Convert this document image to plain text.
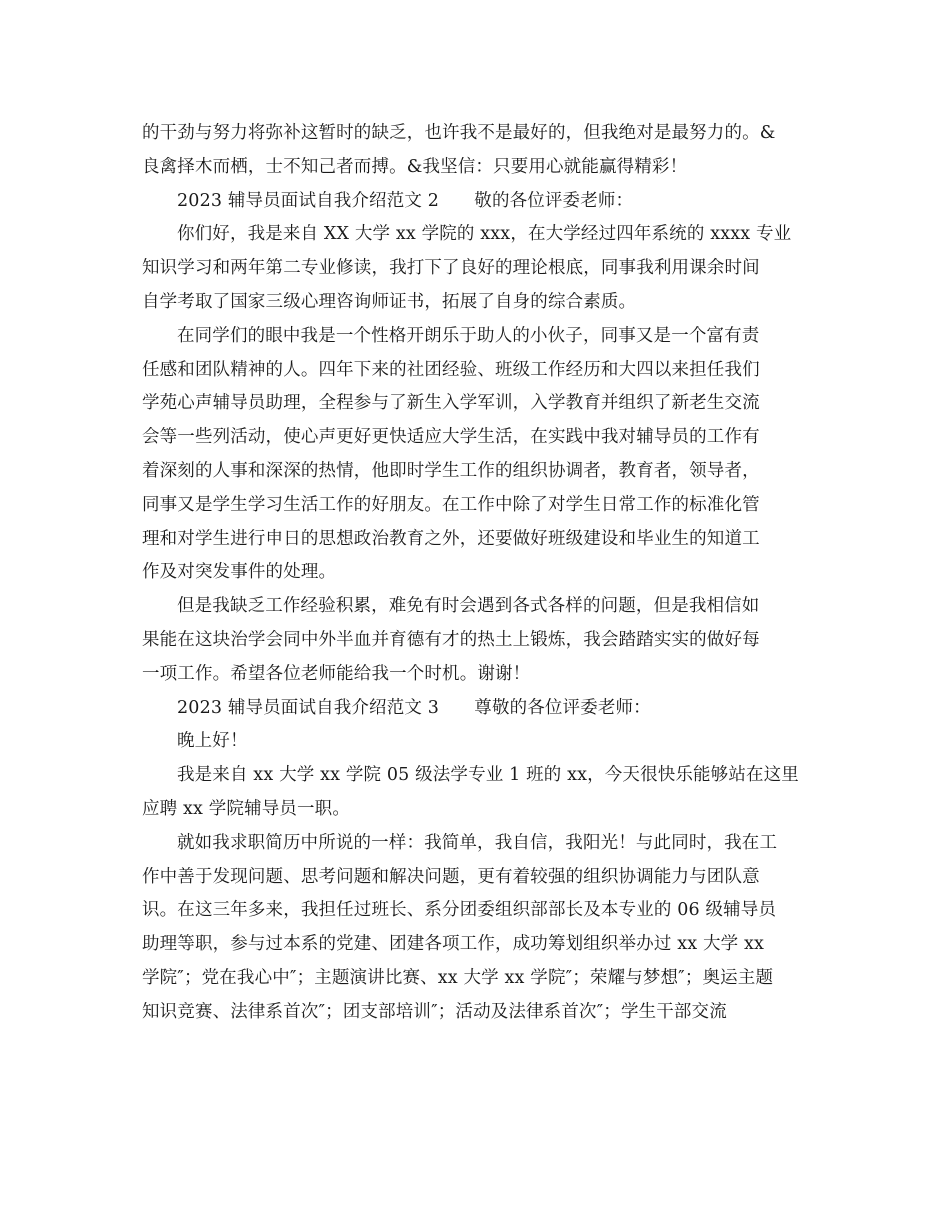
的干劲与努力将弥补这暂时的缺乏，也许我不是最好的，但我绝对是最努力的。&
良禽择木而栖，士不知己者而搏。&我坚信：只要用心就能赢得精彩！
2023 辅导员面试自我介绍范文 2　　敬的各位评委老师：
你们好，我是来自 XX 大学 xx 学院的 xxx，在大学经过四年系统的 xxxx 专业
知识学习和两年第二专业修读，我打下了良好的理论根底，同事我利用课余时间
自学考取了国家三级心理咨询师证书，拓展了自身的综合素质。
在同学们的眼中我是一个性格开朗乐于助人的小伙子，同事又是一个富有责
任感和团队精神的人。四年下来的社团经验、班级工作经历和大四以来担任我们
学苑心声辅导员助理，全程参与了新生入学军训，入学教育并组织了新老生交流
会等一些列活动，使心声更好更快适应大学生活，在实践中我对辅导员的工作有
着深刻的人事和深深的热情，他即时学生工作的组织协调者，教育者，领导者，
同事又是学生学习生活工作的好朋友。在工作中除了对学生日常工作的标准化管
理和对学生进行申日的思想政治教育之外，还要做好班级建设和毕业生的知道工
作及对突发事件的处理。
但是我缺乏工作经验积累，难免有时会遇到各式各样的问题，但是我相信如
果能在这块治学会同中外半血并育德有才的热土上锻炼，我会踏踏实实的做好每
一项工作。希望各位老师能给我一个时机。谢谢！
2023 辅导员面试自我介绍范文 3　　尊敬的各位评委老师：
晚上好！
我是来自 xx 大学 xx 学院 05 级法学专业 1 班的 xx，今天很快乐能够站在这里
应聘 xx 学院辅导员一职。
就如我求职简历中所说的一样：我简单，我自信，我阳光！与此同时，我在工
作中善于发现问题、思考问题和解决问题，更有着较强的组织协调能力与团队意
识。在这三年多来，我担任过班长、系分团委组织部部长及本专业的 06 级辅导员
助理等职，参与过本系的党建、团建各项工作，成功筹划组织举办过 xx 大学 xx
学院″；党在我心中″；主题演讲比赛、xx 大学 xx 学院″；荣耀与梦想″；奥运主题
知识竞赛、法律系首次″；团支部培训″；活动及法律系首次″；学生干部交流
